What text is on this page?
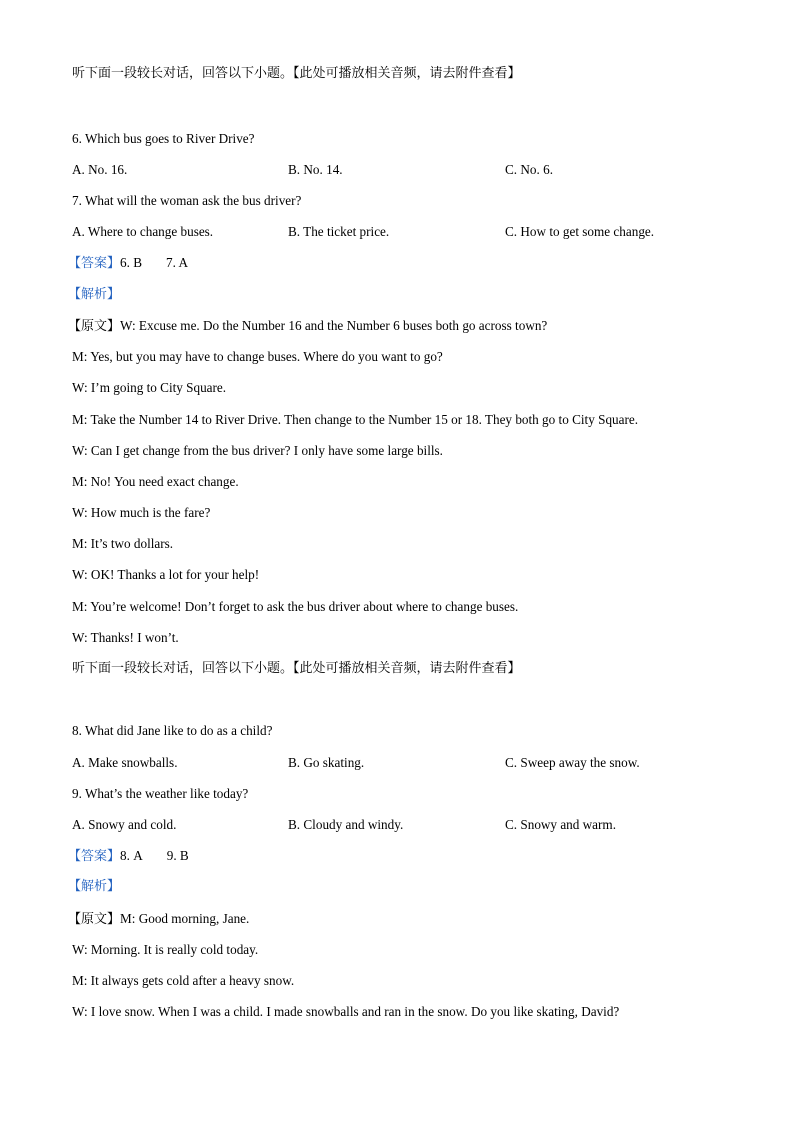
听下面一段较长对话，回答以下小题。【此处可播放相关音频，请去附件查看】
6. Which bus goes to River Drive?
A. No. 16.	B. No. 14.	C. No. 6.
7. What will the woman ask the bus driver?
A. Where to change buses.	B. The ticket price.	C. How to get some change.
【答案】6. B 7. A
【解析】
【原文】W: Excuse me. Do the Number 16 and the Number 6 buses both go across town?
M: Yes, but you may have to change buses. Where do you want to go?
W: I’m going to City Square.
M: Take the Number 14 to River Drive. Then change to the Number 15 or 18. They both go to City Square.
W: Can I get change from the bus driver? I only have some large bills.
M: No! You need exact change.
W: How much is the fare?
M: It’s two dollars.
W: OK! Thanks a lot for your help!
M: You’re welcome! Don’t forget to ask the bus driver about where to change buses.
W: Thanks! I won’t.
听下面一段较长对话，回答以下小题。【此处可播放相关音频，请去附件查看】
8. What did Jane like to do as a child?
A. Make snowballs.	B. Go skating.	C. Sweep away the snow.
9. What’s the weather like today?
A. Snowy and cold.	B. Cloudy and windy.	C. Snowy and warm.
【答案】8. A 9. B
【解析】
【原文】M: Good morning, Jane.
W: Morning. It is really cold today.
M: It always gets cold after a heavy snow.
W: I love snow. When I was a child. I made snowballs and ran in the snow. Do you like skating, David?
